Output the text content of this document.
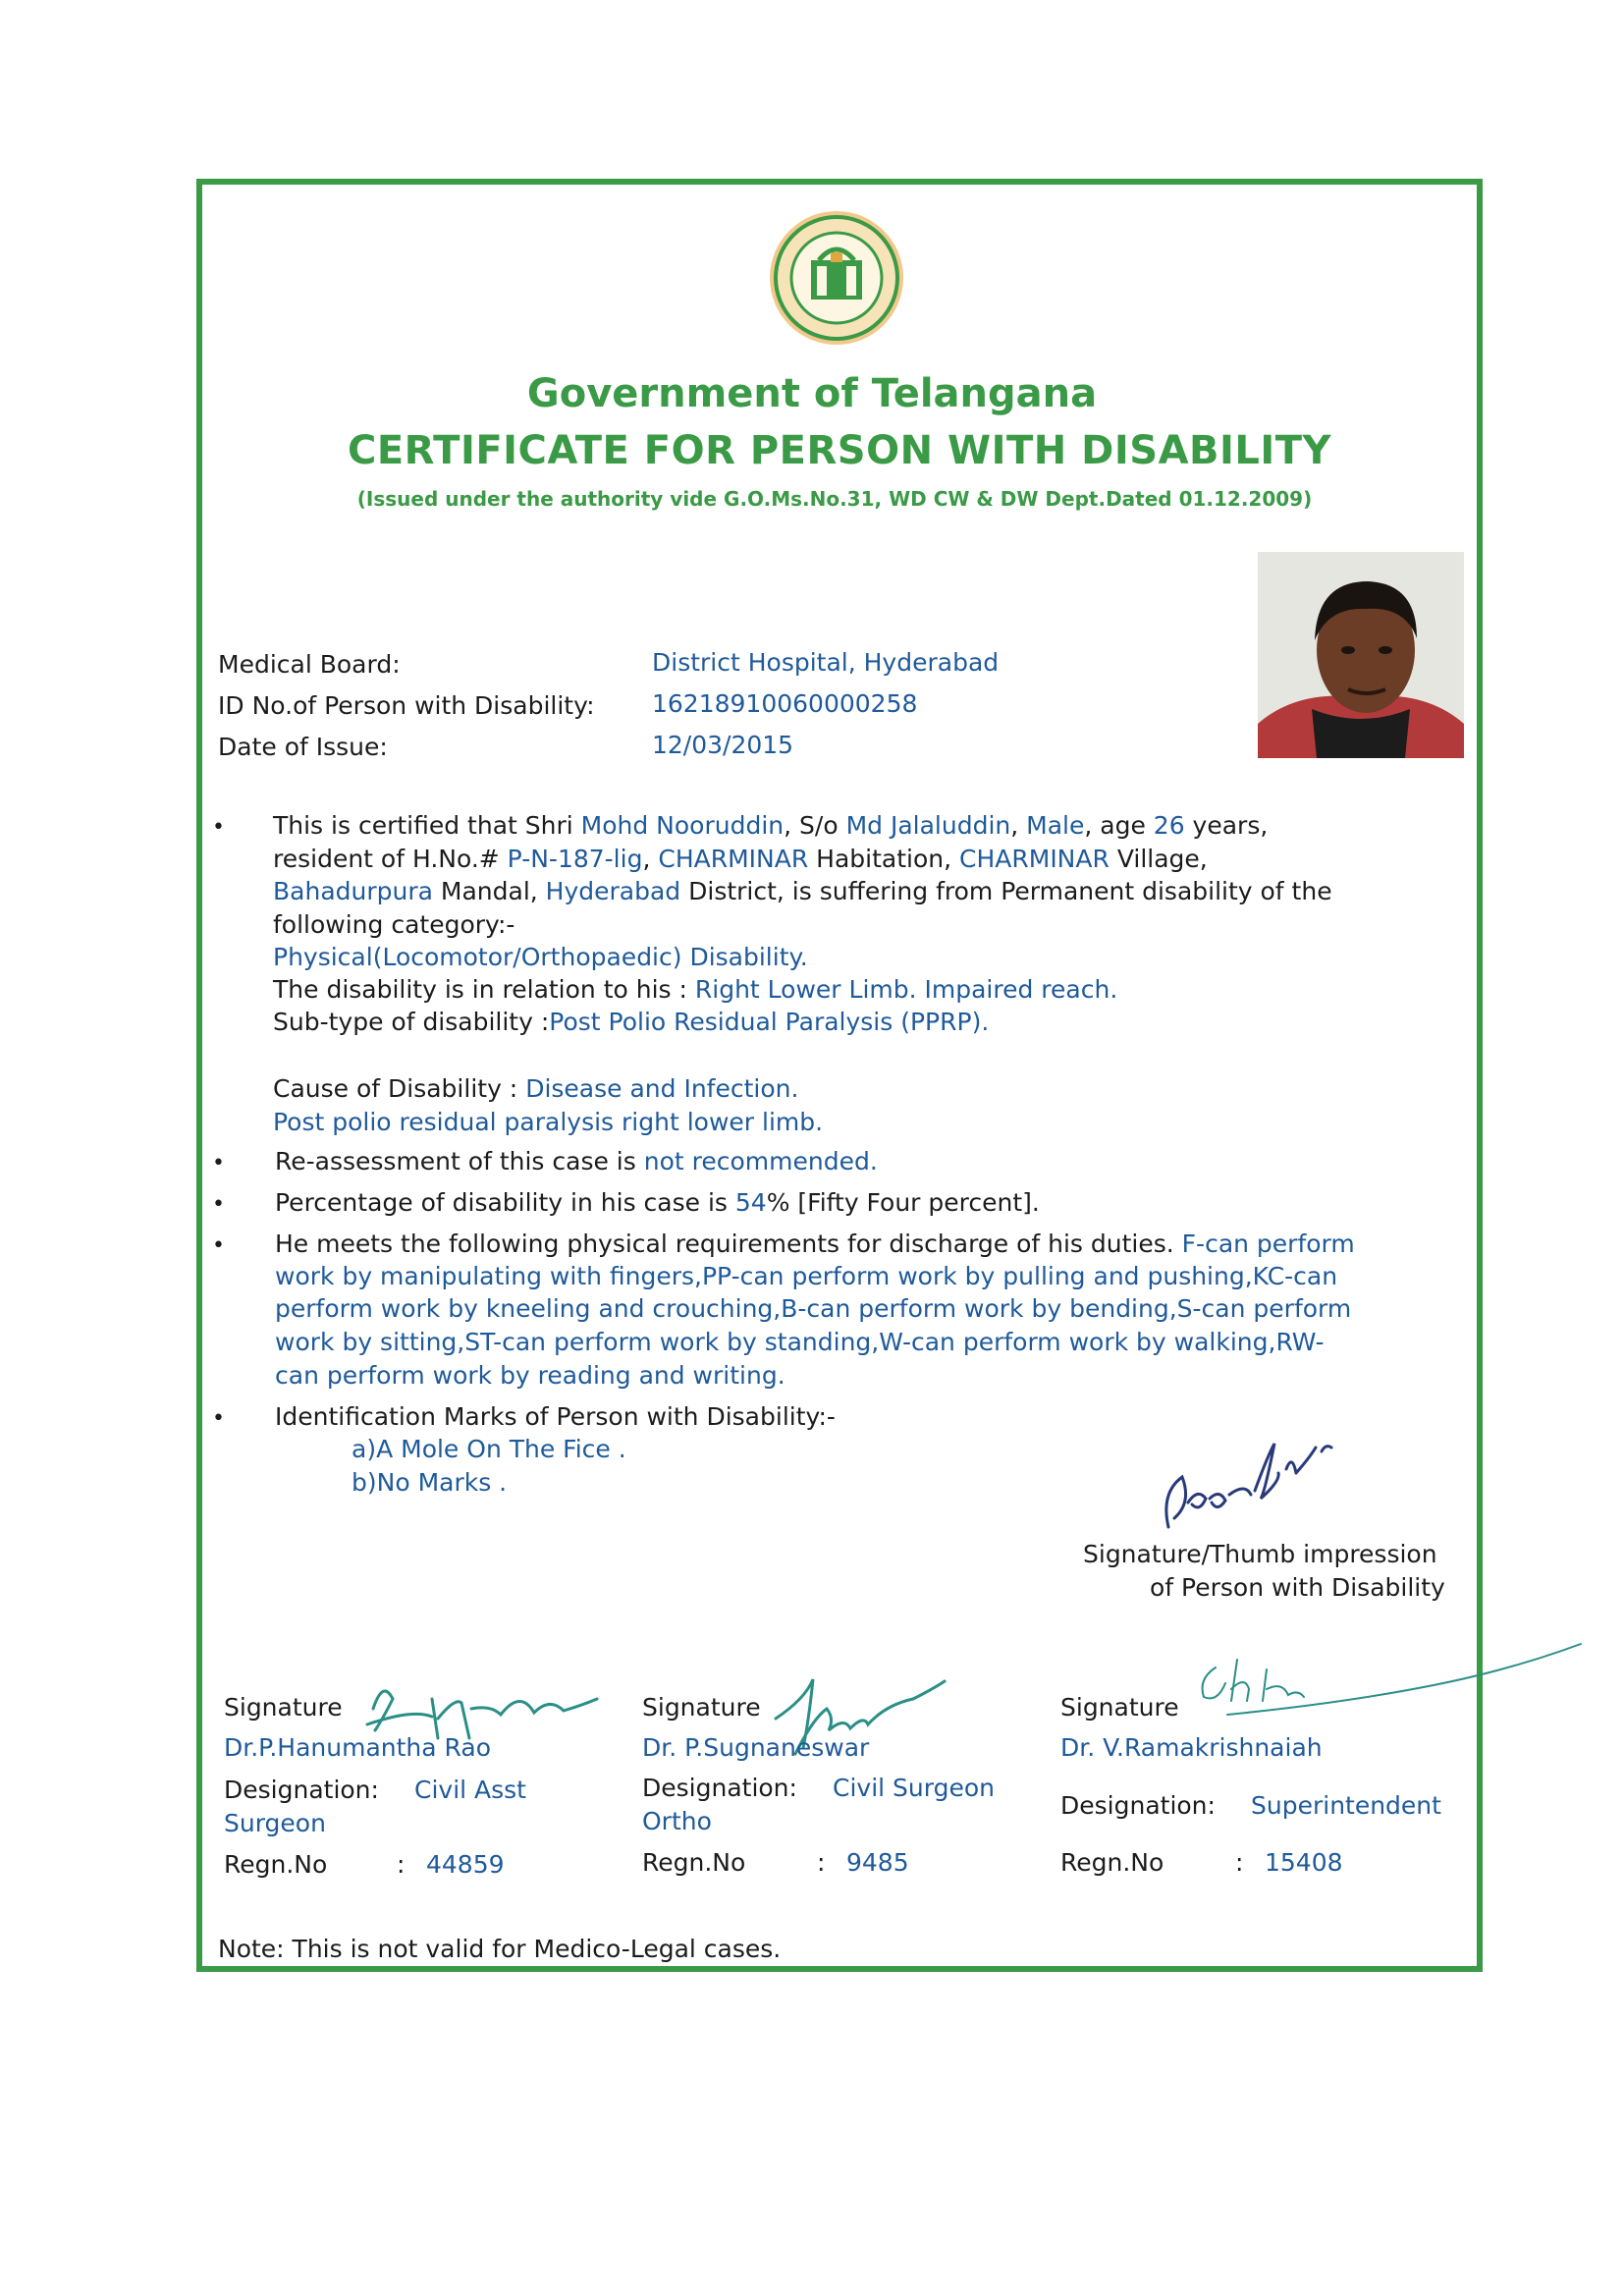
Government of Telangana
CERTIFICATE FOR PERSON WITH DISABILITY
(Issued under the authority vide G.O.Ms.No.31, WD CW & DW Dept.Dated 01.12.2009)
Medical Board:	District Hospital, Hyderabad
ID No.of Person with Disability: 16218910060000258
Date of Issue:	12/03/2015
• This is certified that Shri Mohd Nooruddin, S/o Md Jalaluddin, Male, age 26 years,
resident of H.No.# P-N-187-lig, CHARMINAR Habitation, CHARMINAR Village,
Bahadurpura Mandal, Hyderabad District, is suffering from Permanent disability of the
following category:-
Physical(Locomotor/Orthopaedic) Disability.
The disability is in relation to his : Right Lower Limb. Impaired reach.
Sub-type of disability :Post Polio Residual Paralysis (PPRP).
Cause of Disability : Disease and Infection.
Post polio residual paralysis right lower limb.
• Re-assessment of this case is not recommended.
• Percentage of disability in his case is 54% [Fifty Four percent].
• He meets the following physical requirements for discharge of his duties. F-can perform
work by manipulating with fingers,PP-can perform work by pulling and pushing,KC-can
perform work by kneeling and crouching,B-can perform work by bending,S-can perform
work by sitting,ST-can perform work by standing,W-can perform work by walking,RW-
can perform work by reading and writing.
• Identification Marks of Person with Disability:-
a)A Mole On The Fice .
b)No Marks .
Signature/Thumb impression
of Person with Disability
Signature
Dr.P.Hanumantha Rao
Designation: Civil Asst
Surgeon
Regn.No	: 44859
Signature
Dr. P.Sugnaneswar
Designation: Civil Surgeon
Ortho
Regn.No	: 9485
Signature
Dr. V.Ramakrishnaiah
Designation: Superintendent
Regn.No	: 15408
Note: This is not valid for Medico-Legal cases.
